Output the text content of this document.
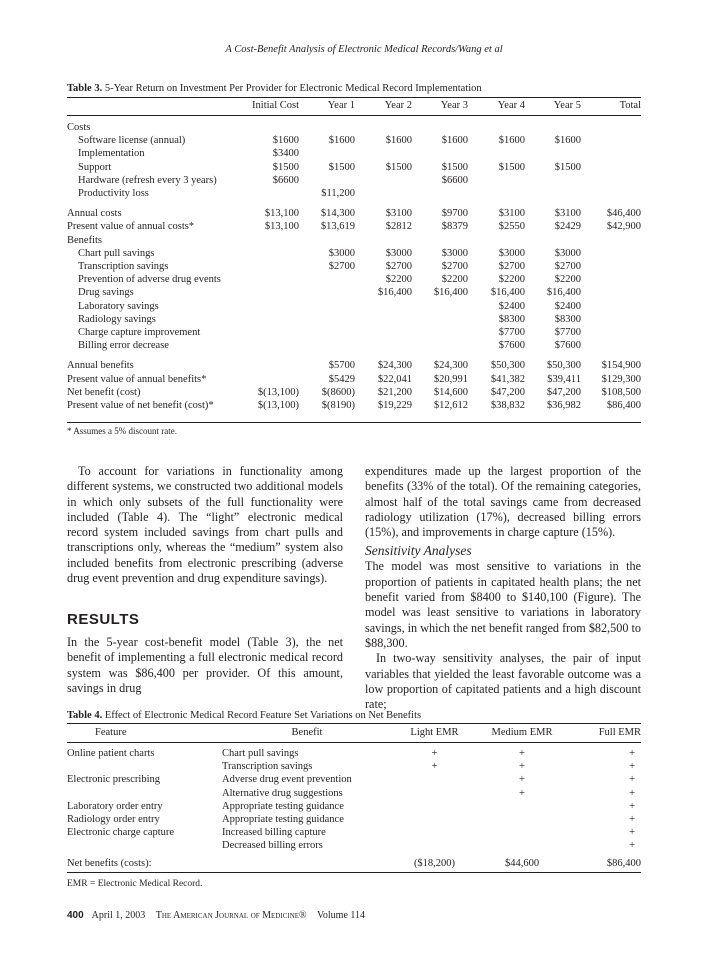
A Cost-Benefit Analysis of Electronic Medical Records/Wang et al
Table 3. 5-Year Return on Investment Per Provider for Electronic Medical Record Implementation
	Initial Cost	Year 1	Year 2	Year 3	Year 4	Year 5	Total
Costs							
Software license (annual)	$1600	$1600	$1600	$1600	$1600	$1600	
Implementation	$3400						
Support	$1500	$1500	$1500	$1500	$1500	$1500	
Hardware (refresh every 3 years)	$6600			$6600			
Productivity loss		$11,200					
Annual costs	$13,100	$14,300	$3100	$9700	$3100	$3100	$46,400
Present value of annual costs*	$13,100	$13,619	$2812	$8379	$2550	$2429	$42,900
Benefits							
Chart pull savings		$3000	$3000	$3000	$3000	$3000	
Transcription savings		$2700	$2700	$2700	$2700	$2700	
Prevention of adverse drug events			$2200	$2200	$2200	$2200	
Drug savings			$16,400	$16,400	$16,400	$16,400	
Laboratory savings					$2400	$2400	
Radiology savings					$8300	$8300	
Charge capture improvement					$7700	$7700	
Billing error decrease					$7600	$7600	
Annual benefits		$5700	$24,300	$24,300	$50,300	$50,300	$154,900
Present value of annual benefits*		$5429	$22,041	$20,991	$41,382	$39,411	$129,300
Net benefit (cost)	$(13,100)	$(8600)	$21,200	$14,600	$47,200	$47,200	$108,500
Present value of net benefit (cost)*	$(13,100)	$(8190)	$19,229	$12,612	$38,832	$36,982	$86,400
* Assumes a 5% discount rate.

To account for variations in functionality among different systems, we constructed two additional models in which only subsets of the full functionality were included (Table 4). The “light” electronic medical record system included savings from chart pulls and transcriptions only, whereas the “medium” system also included benefits from electronic prescribing (adverse drug event prevention and drug expenditure savings).

RESULTS

In the 5-year cost-benefit model (Table 3), the net benefit of implementing a full electronic medical record system was $86,400 per provider. Of this amount, savings in drug

expenditures made up the largest proportion of the benefits (33% of the total). Of the remaining categories, almost half of the total savings came from decreased radiology utilization (17%), decreased billing errors (15%), and improvements in charge capture (15%).

Sensitivity Analyses

The model was most sensitive to variations in the proportion of patients in capitated health plans; the net benefit varied from $8400 to $140,100 (Figure). The model was least sensitive to variations in laboratory savings, in which the net benefit ranged from $82,500 to $88,300.

In two-way sensitivity analyses, the pair of input variables that yielded the least favorable outcome was a low proportion of capitated patients and a high discount rate;

Table 4. Effect of Electronic Medical Record Feature Set Variations on Net Benefits
Feature	Benefit	Light EMR	Medium EMR	Full EMR
Online patient charts	Chart pull savings	+	+	+
	Transcription savings	+	+	+
Electronic prescribing	Adverse drug event prevention		+	+
	Alternative drug suggestions		+	+
Laboratory order entry	Appropriate testing guidance			+
Radiology order entry	Appropriate testing guidance			+
Electronic charge capture	Increased billing capture			+
	Decreased billing errors			+
Net benefits (costs):		($18,200)	$44,600	$86,400
EMR = Electronic Medical Record.
400 April 1, 2003 The American Journal of Medicine® Volume 114
